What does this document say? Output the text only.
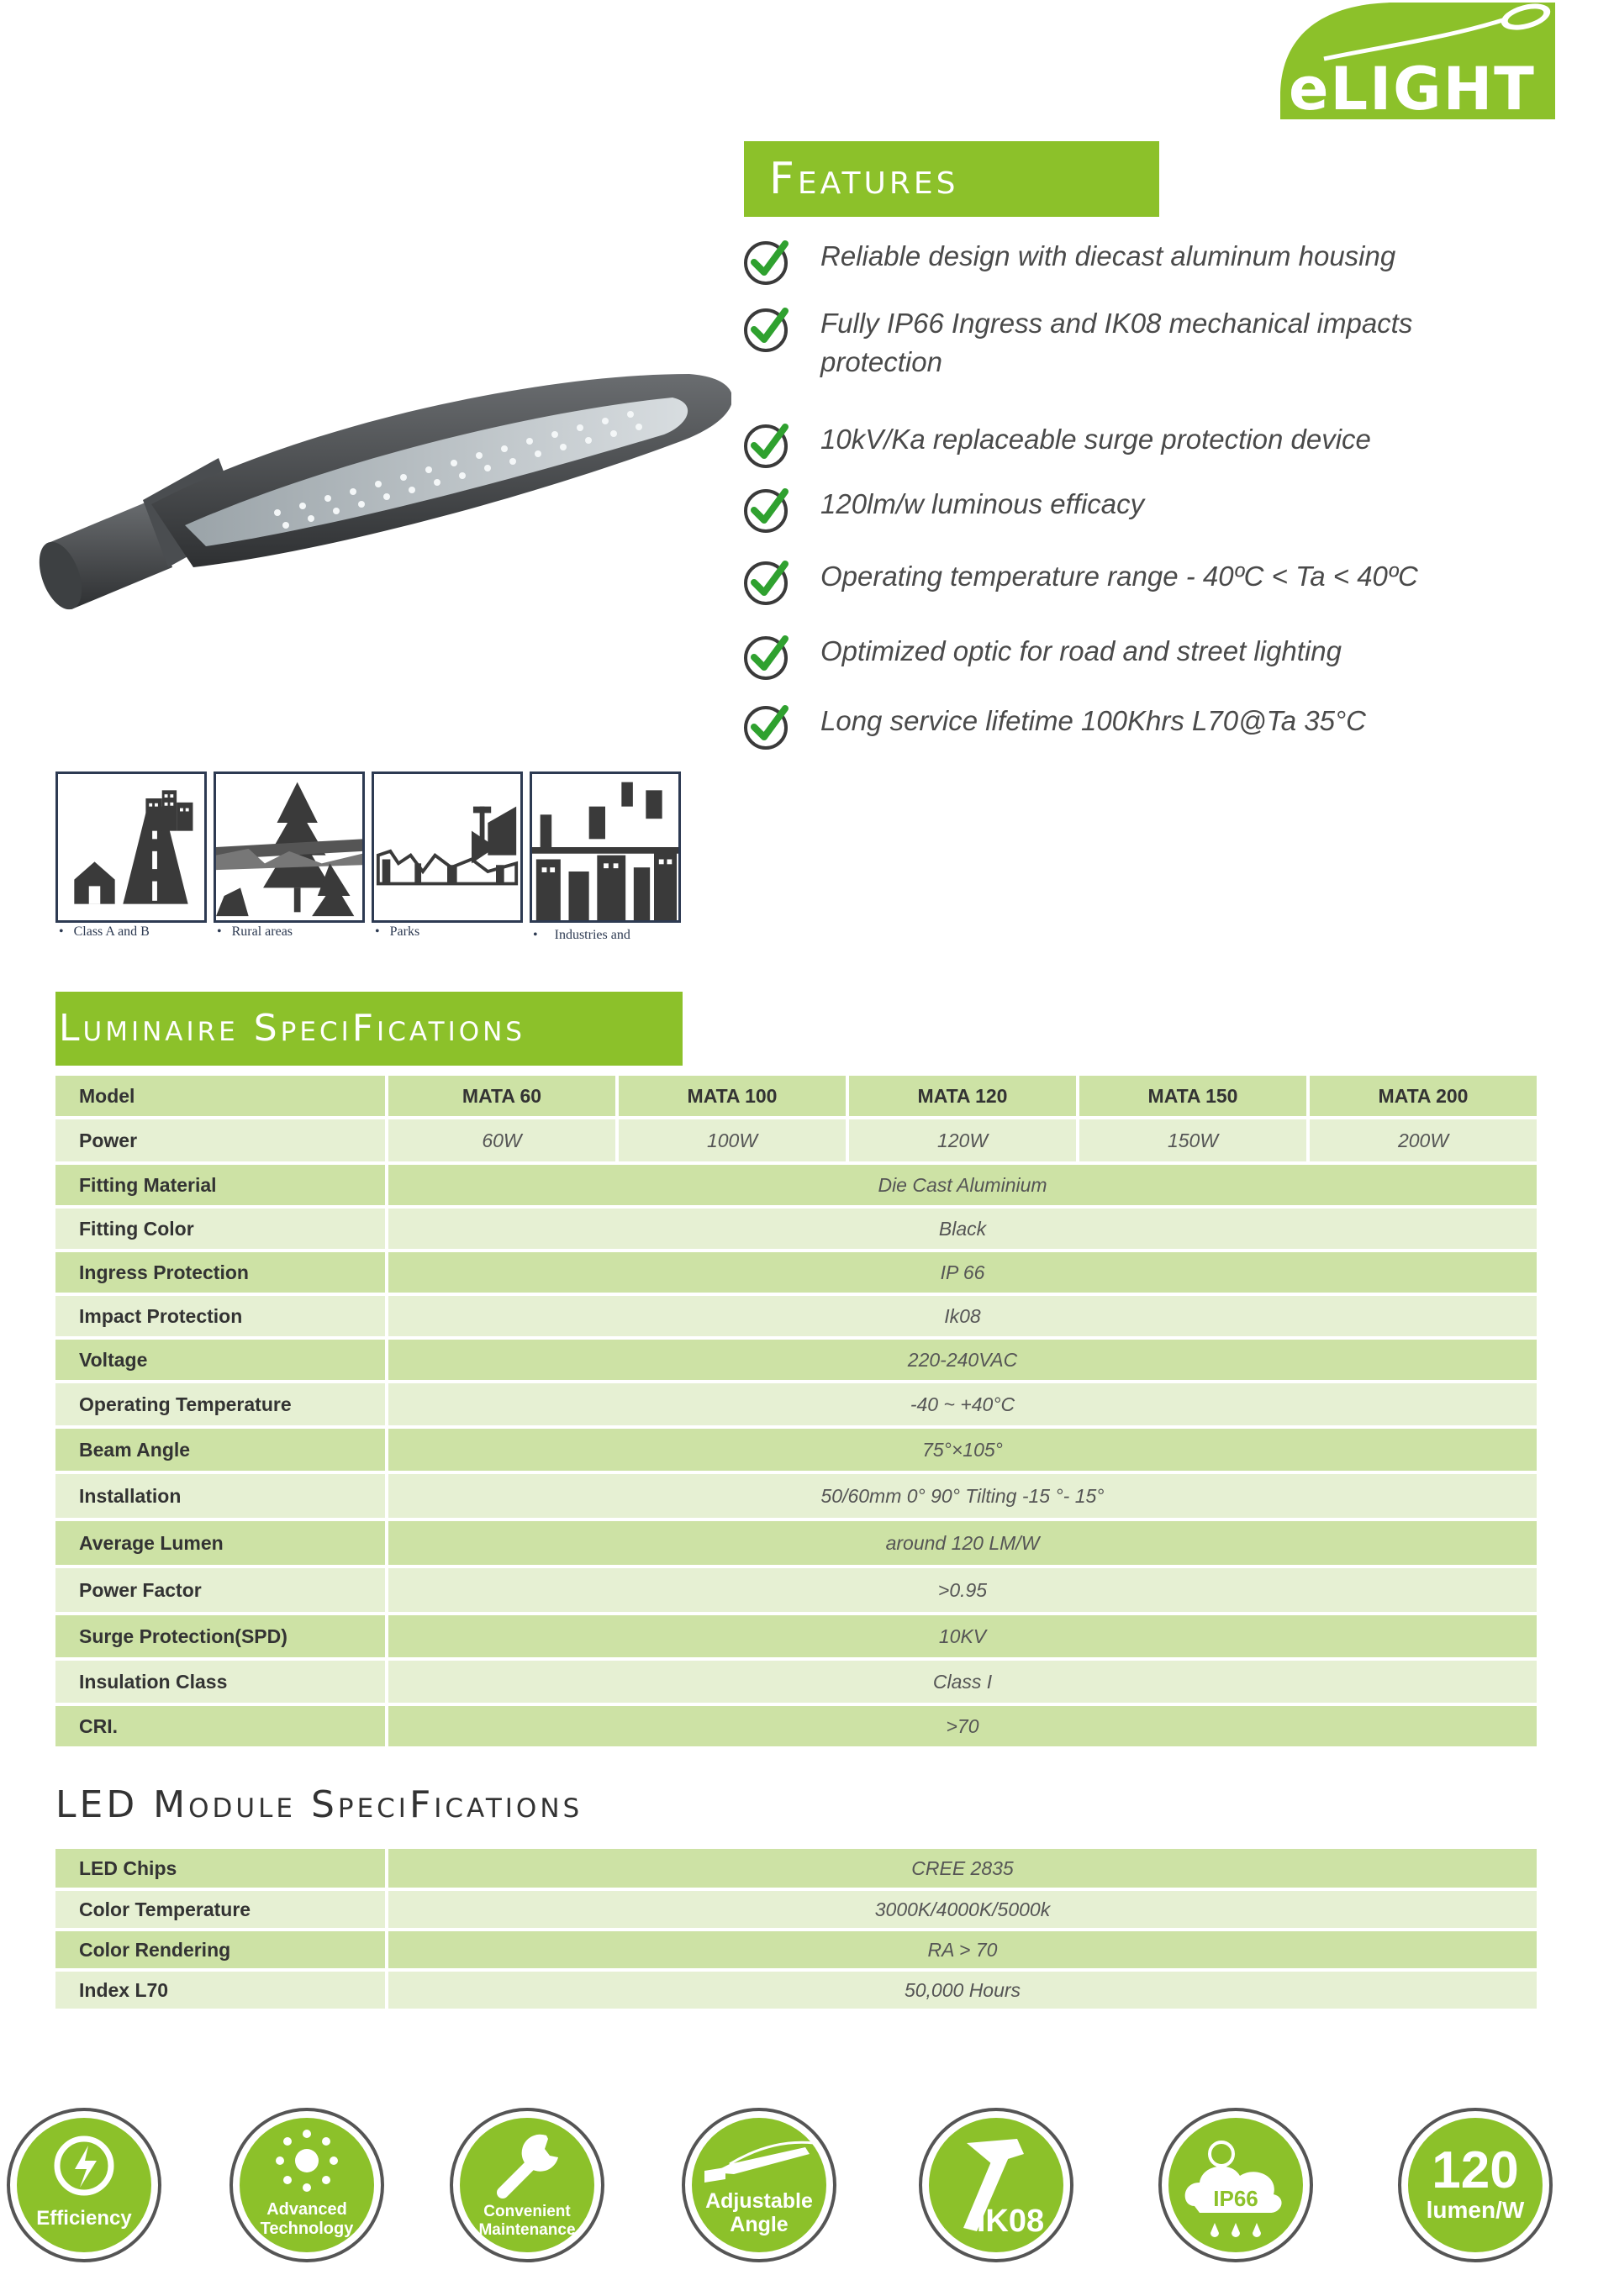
eLIGHT
Features
Reliable design with diecast aluminum housing
Fully IP66 Ingress and IK08 mechanical impacts protection
10kV/Ka replaceable surge protection device
120lm/w luminous efficacy
Operating temperature range - 40ºC < Ta < 40ºC
Optimized optic for road and street lighting
Long service lifetime 100Khrs L70@Ta 35°C
•   Class A and B	•   Rural areas	•   Parks	•     Industries and
Luminaire SpeciFications
Model	MATA 60	MATA 100	MATA 120	MATA 150	MATA 200
Power	60W	100W	120W	150W	200W
Fitting Material	Die Cast Aluminium
Fitting Color	Black
Ingress Protection	IP 66
Impact Protection	Ik08
Voltage	220-240VAC
Operating Temperature	-40 ~ +40°C
Beam Angle	75°×105°
Installation	50/60mm 0° 90° Tilting -15 °- 15°
Average Lumen	around 120 LM/W
Power Factor	>0.95
Surge Protection(SPD)	10KV
Insulation Class	Class I
CRI.	>70
LED Module SpeciFications
LED Chips	CREE 2835
Color Temperature	3000K/4000K/5000k
Color Rendering	RA > 70
Index L70	50,000 Hours
Efficiency	Advanced
Technology
Convenient
Maintenance
Adjustable
Angle	IK08
IP66	120
lumen/W
